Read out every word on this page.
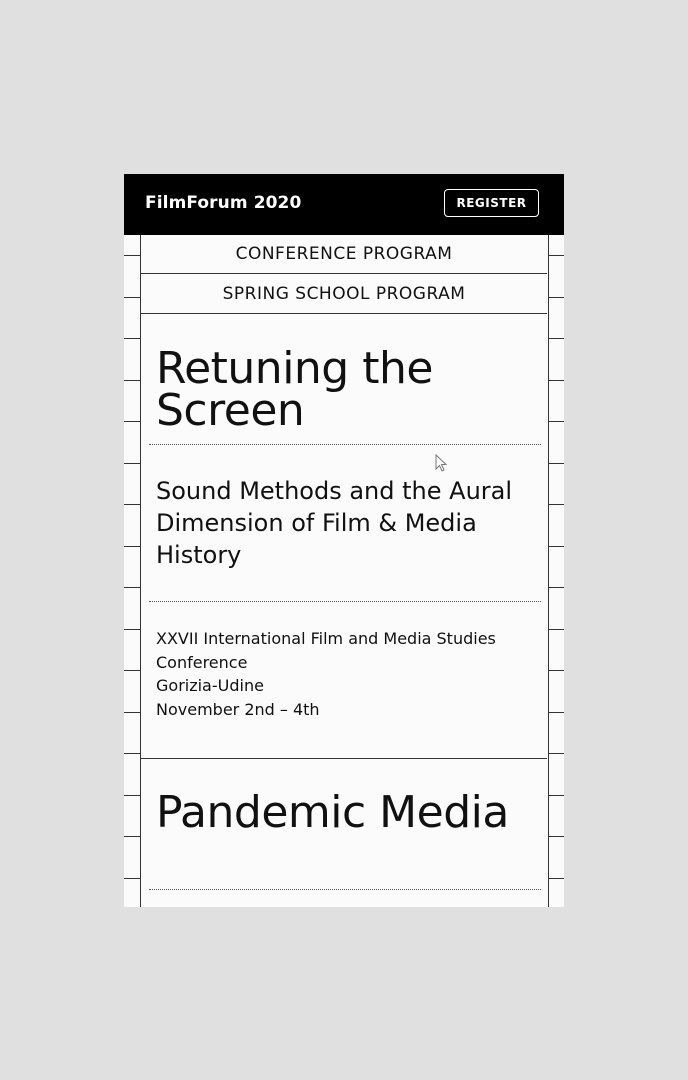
FilmForum 2020	REGISTER
CONFERENCE PROGRAM
SPRING SCHOOL PROGRAM
Retuning the Screen
Sound Methods and the Aural Dimension of Film & Media History
XXVII International Film and Media Studies
Conference
Gorizia-Udine
November 2nd – 4th
Pandemic Media
